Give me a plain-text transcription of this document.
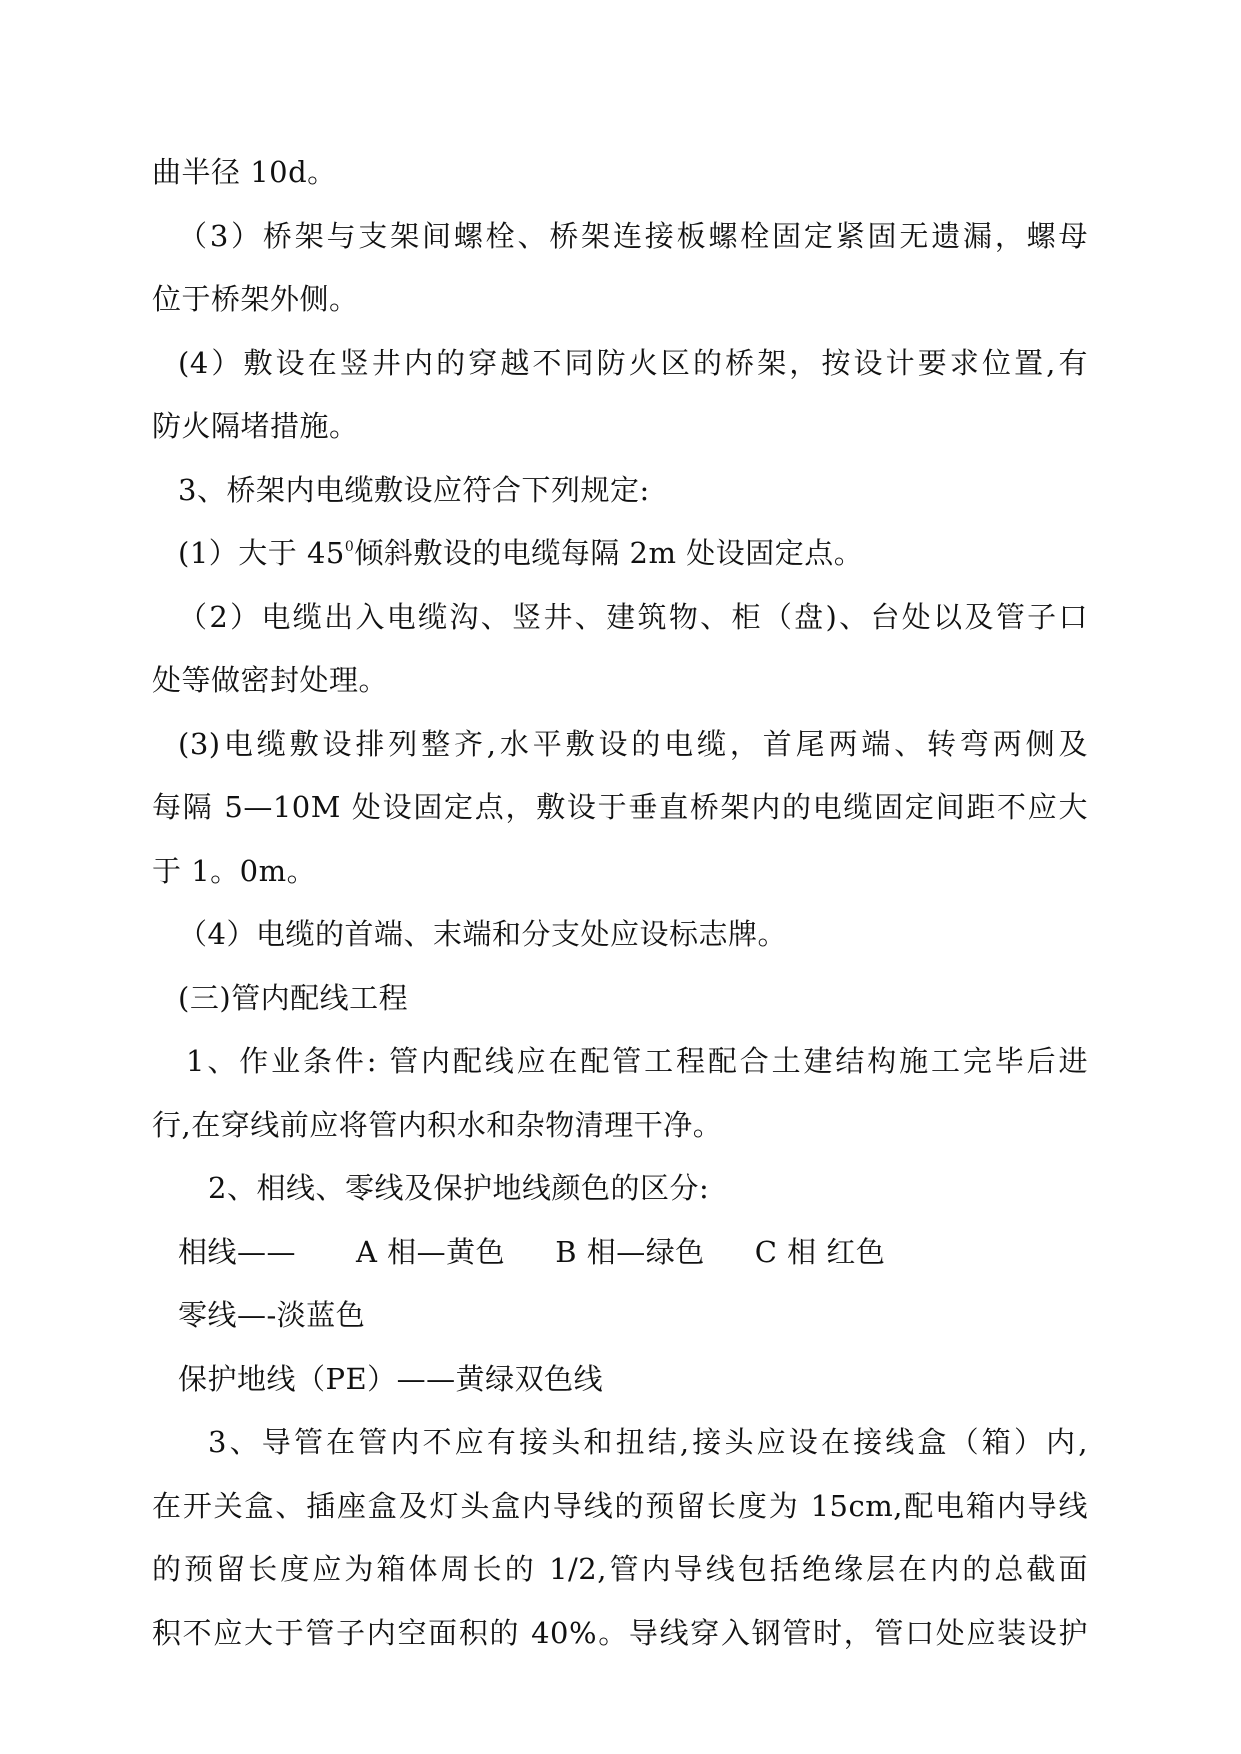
曲半径 10d。
（3）桥架与支架间螺栓、桥架连接板螺栓固定紧固无遗漏，螺母
位于桥架外侧。
(4）敷设在竖井内的穿越不同防火区的桥架，按设计要求位置,有
防火隔堵措施。
3、桥架内电缆敷设应符合下列规定:
(1）大于 $45^0$倾斜敷设的电缆每隔 2m 处设固定点。
（2）电缆出入电缆沟、竖井、建筑物、柜（盘)、台处以及管子口
处等做密封处理。
(3)电缆敷设排列整齐,水平敷设的电缆，首尾两端、转弯两侧及
每隔 5—10M 处设固定点，敷设于垂直桥架内的电缆固定间距不应大
于 1。0m。
（4）电缆的首端、末端和分支处应设标志牌。
(三)管内配线工程
1、作业条件: 管内配线应在配管工程配合土建结构施工完毕后进
行,在穿线前应将管内积水和杂物清理干净。
2、相线、零线及保护地线颜色的区分:
相线—— A 相—黄色 B 相—绿色 C 相 红色
零线—-淡蓝色
保护地线（PE）——黄绿双色线
3、导管在管内不应有接头和扭结,接头应设在接线盒（箱）内,
在开关盒、插座盒及灯头盒内导线的预留长度为 15cm,配电箱内导线
的预留长度应为箱体周长的 1/2,管内导线包括绝缘层在内的总截面
积不应大于管子内空面积的 40%。导线穿入钢管时，管口处应装设护
